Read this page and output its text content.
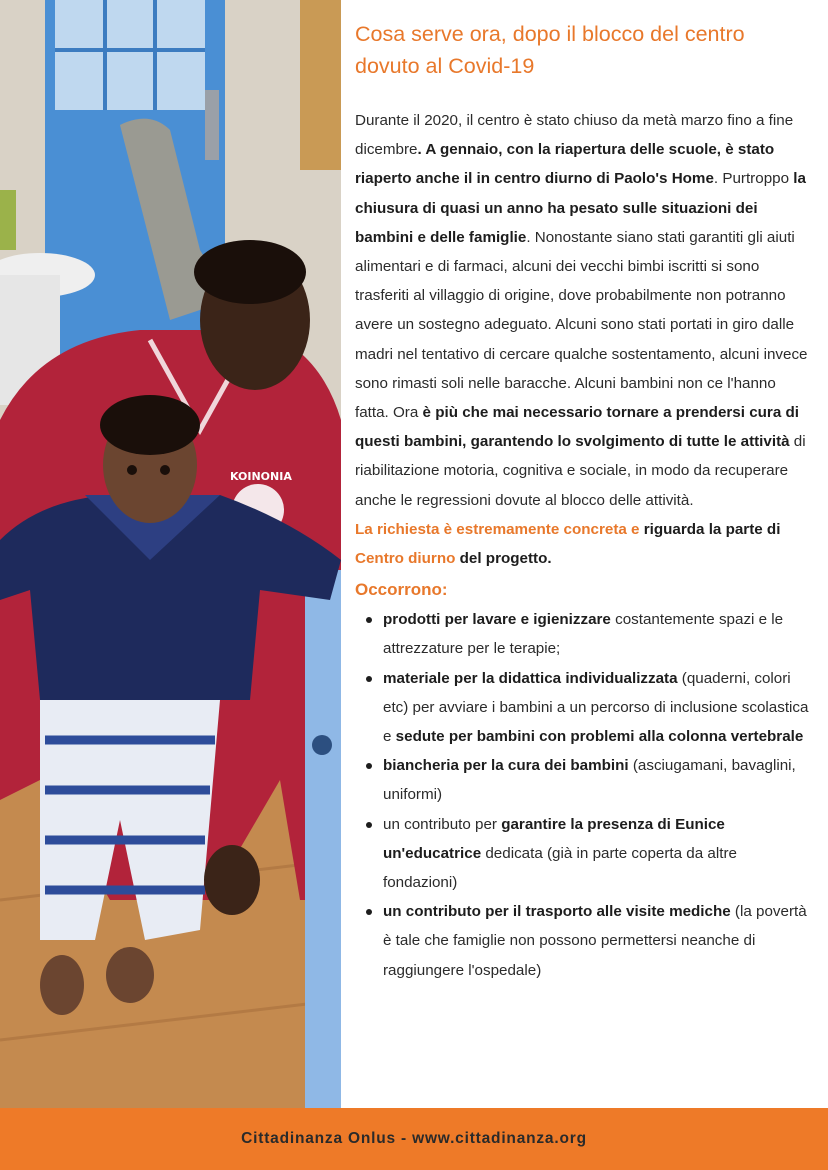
KOINONIA
Cosa serve ora, dopo il blocco del centro dovuto al Covid-19

Durante il 2020, il centro è stato chiuso da metà marzo fino a fine dicembre. A gennaio, con la riapertura delle scuole, è stato riaperto anche il in centro diurno di Paolo's Home. Purtroppo la chiusura di quasi un anno ha pesato sulle situazioni dei bambini e delle famiglie. Nonostante siano stati garantiti gli aiuti alimentari e di farmaci, alcuni dei vecchi bimbi iscritti si sono trasferiti al villaggio di origine, dove probabilmente non potranno avere un sostegno adeguato. Alcuni sono stati portati in giro dalle madri nel tentativo di cercare qualche sostentamento, alcuni invece sono rimasti soli nelle baracche. Alcuni bambini non ce l'hanno fatta. Ora è più che mai necessario tornare a prendersi cura di questi bambini, garantendo lo svolgimento di tutte le attività di riabilitazione motoria, cognitiva e sociale, in modo da recuperare anche le regressioni dovute al blocco delle attività.

La richiesta è estremamente concreta e riguarda la parte di Centro diurno del progetto.

Occorrono:
prodotti per lavare e igienizzare costantemente spazi e le attrezzature per le terapie;
materiale per la didattica individualizzata (quaderni, colori etc) per avviare i bambini a un percorso di inclusione scolastica e sedute per bambini con problemi alla colonna vertebrale
biancheria per la cura dei bambini (asciugamani, bavaglini, uniformi)
un contributo per garantire la presenza di Eunice un'educatrice dedicata (già in parte coperta da altre fondazioni)
un contributo per il trasporto alle visite mediche (la povertà è tale che famiglie non possono permettersi neanche di raggiungere l'ospedale)
Cittadinanza Onlus - www.cittadinanza.org
